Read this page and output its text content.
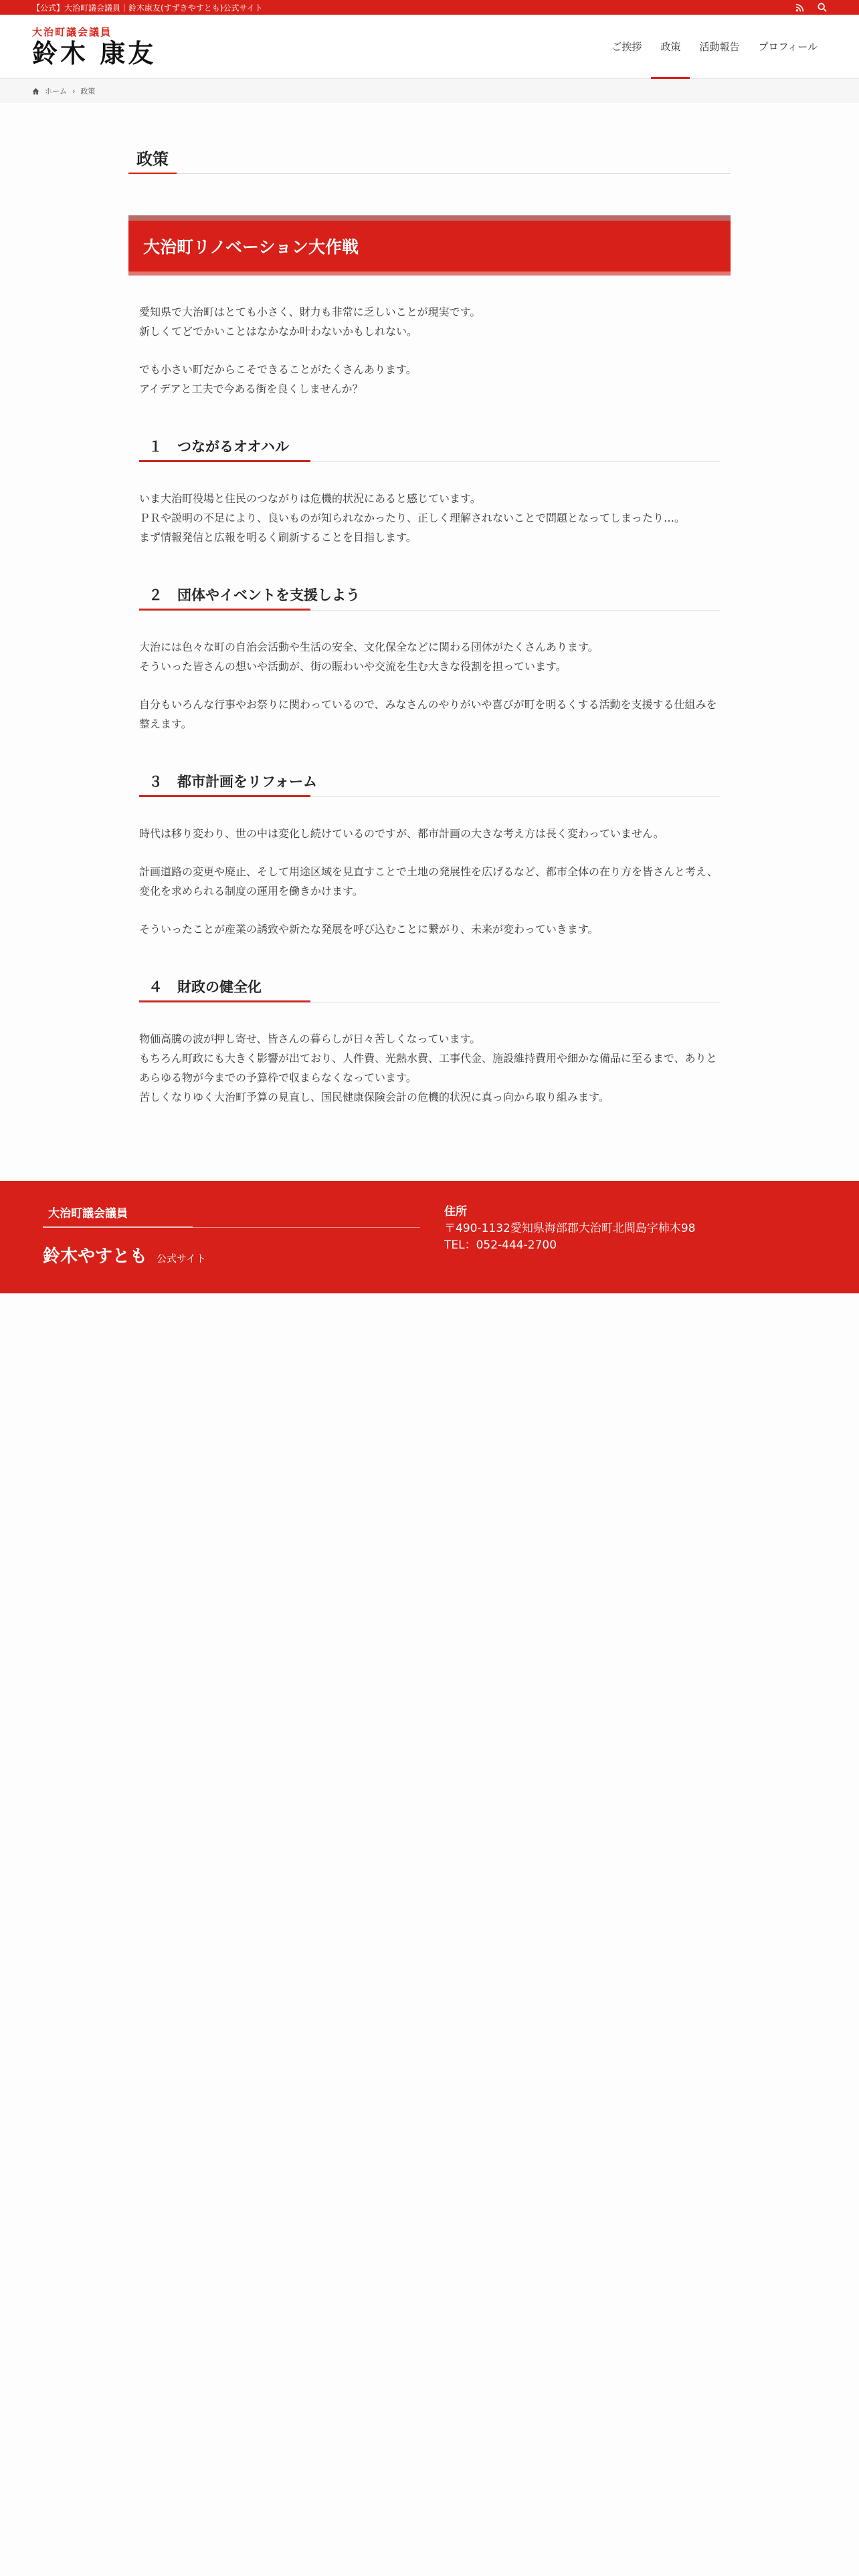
【公式】大治町議会議員｜鈴木康友(すずきやすとも)公式サイト
大治町議会議員
鈴木 康友	ご挨拶	政策	活動報告	プロフィール
ホーム › 政策
政策
大治町リノベーション大作戦

愛知県で大治町はとても小さく、財力も非常に乏しいことが現実です。
新しくてどでかいことはなかなか叶わないかもしれない。

でも小さい町だからこそできることがたくさんあります。
アイデアと工夫で今ある街を良くしませんか？

１ つながるオオハル

いま大治町役場と住民のつながりは危機的状況にあると感じています。
ＰＲや説明の不足により、良いものが知られなかったり、正しく理解されないことで問題となってしまったり…。
まず情報発信と広報を明るく刷新することを目指します。

２ 団体やイベントを支援しよう

大治には色々な町の自治会活動や生活の安全、文化保全などに関わる団体がたくさんあります。
そういった皆さんの想いや活動が、街の賑わいや交流を生む大きな役割を担っています。

自分もいろんな行事やお祭りに関わっているので、みなさんのやりがいや喜びが町を明るくする活動を支援する仕組みを整えます。

３ 都市計画をリフォーム

時代は移り変わり、世の中は変化し続けているのですが、都市計画の大きな考え方は長く変わっていません。

計画道路の変更や廃止、そして用途区域を見直すことで土地の発展性を広げるなど、都市全体の在り方を皆さんと考え、変化を求められる制度の運用を働きかけます。

そういったことが産業の誘致や新たな発展を呼び込むことに繋がり、未来が変わっていきます。

４ 財政の健全化

物価高騰の波が押し寄せ、皆さんの暮らしが日々苦しくなっています。
もちろん町政にも大きく影響が出ており、人件費、光熱水費、工事代金、施設維持費用や細かな備品に至るまで、ありとあらゆる物が今までの予算枠で収まらなくなっています。
苦しくなりゆく大治町予算の見直し、国民健康保険会計の危機的状況に真っ向から取り組みます。

大治町議会議員
鈴木やすとも 公式サイト
住所
〒490-1132愛知県海部郡大治町北間島字柿木98
TEL：052-444-2700
